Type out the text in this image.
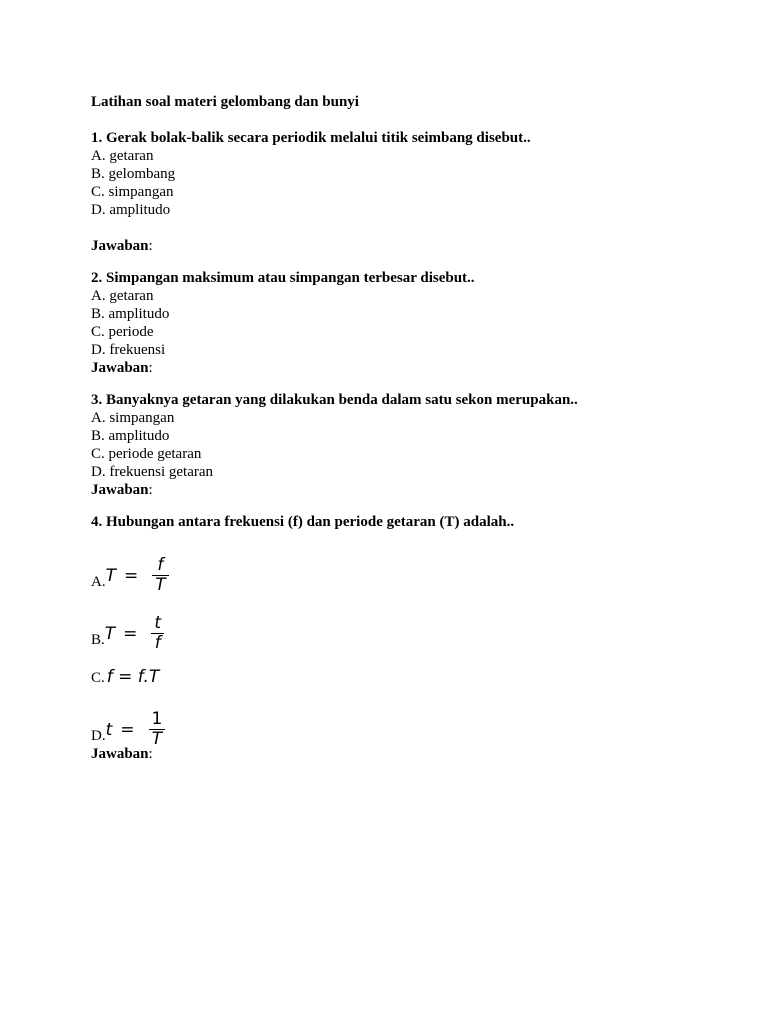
Latihan soal materi gelombang dan bunyi
1. Gerak bolak-balik secara periodik melalui titik seimbang disebut..
A. getaran
B. gelombang
C. simpangan
D. amplitudo
Jawaban:
2. Simpangan maksimum atau simpangan terbesar disebut..
A. getaran
B. amplitudo
C. periode
D. frekuensi
Jawaban:
3. Banyaknya getaran yang dilakukan benda dalam satu sekon merupakan..
A. simpangan
B. amplitudo
C. periode getaran
D. frekuensi getaran
Jawaban:
4. Hubungan antara frekuensi (f) dan periode getaran (T) adalah..
A. $T = \frac{f}{T}$
B. $T = \frac{t}{f}$
C. f = f.T
D. $t = \frac{1}{T}$
Jawaban:
